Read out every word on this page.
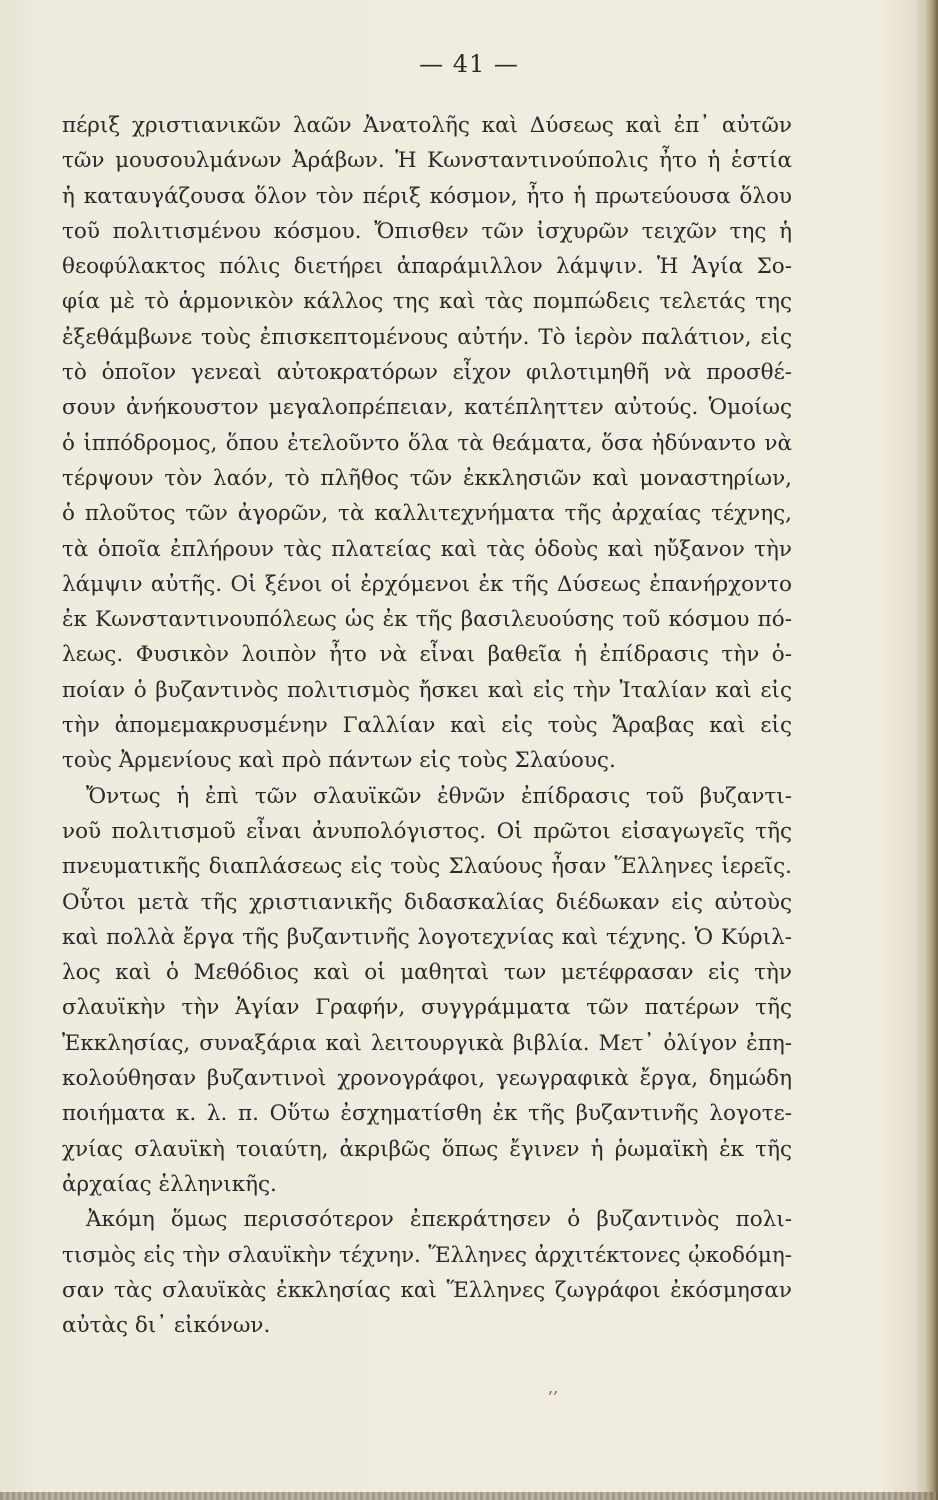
— 41 —
πέριξ χριστιανικῶν λαῶν Ἀνατολῆς καὶ Δύσεως καὶ ἐπ᾿ αὐτῶν
τῶν μουσουλμάνων Ἀράβων. Ἡ Κωνσταντινούπολις ἦτο ἡ ἑστία
ἡ καταυγάζουσα ὅλον τὸν πέριξ κόσμον, ἦτο ἡ πρωτεύουσα ὅλου
τοῦ πολιτισμένου κόσμου. Ὄπισθεν τῶν ἰσχυρῶν τειχῶν της ἡ
θεοφύλακτος πόλις διετήρει ἀπαράμιλλον λάμψιν. Ἡ Ἁγία Σο-
φία μὲ τὸ ἁρμονικὸν κάλλος της καὶ τὰς πομπώδεις τελετάς της
ἐξεθάμβωνε τοὺς ἐπισκεπτομένους αὐτήν. Τὸ ἱερὸν παλάτιον, εἰς
τὸ ὁποῖον γενεαὶ αὐτοκρατόρων εἶχον φιλοτιμηθῆ νὰ προσθέ-
σουν ἀνήκουστον μεγαλοπρέπειαν, κατέπληττεν αὐτούς. Ὁμοίως
ὁ ἱππόδρομος, ὅπου ἐτελοῦντο ὅλα τὰ θεάματα, ὅσα ἠδύναντο νὰ
τέρψουν τὸν λαόν, τὸ πλῆθος τῶν ἐκκλησιῶν καὶ μοναστηρίων,
ὁ πλοῦτος τῶν ἀγορῶν, τὰ καλλιτεχνήματα τῆς ἀρχαίας τέχνης,
τὰ ὁποῖα ἐπλήρουν τὰς πλατείας καὶ τὰς ὁδοὺς καὶ ηὔξανον τὴν
λάμψιν αὐτῆς. Οἱ ξένοι οἱ ἐρχόμενοι ἐκ τῆς Δύσεως ἐπανήρχοντο
ἐκ Κωνσταντινουπόλεως ὡς ἐκ τῆς βασιλευούσης τοῦ κόσμου πό-
λεως. Φυσικὸν λοιπὸν ἦτο νὰ εἶναι βαθεῖα ἡ ἐπίδρασις τὴν ὁ-
ποίαν ὁ βυζαντινὸς πολιτισμὸς ἤσκει καὶ εἰς τὴν Ἰταλίαν καὶ εἰς
τὴν ἀπομεμακρυσμένην Γαλλίαν καὶ εἰς τοὺς Ἄραβας καὶ εἰς
τοὺς Ἀρμενίους καὶ πρὸ πάντων εἰς τοὺς Σλαύους.
Ὄντως ἡ ἐπὶ τῶν σλαυϊκῶν ἐθνῶν ἐπίδρασις τοῦ βυζαντι-
νοῦ πολιτισμοῦ εἶναι ἀνυπολόγιστος. Οἱ πρῶτοι εἰσαγωγεῖς τῆς
πνευματικῆς διαπλάσεως εἰς τοὺς Σλαύους ἦσαν Ἕλληνες ἱερεῖς.
Οὗτοι μετὰ τῆς χριστιανικῆς διδασκαλίας διέδωκαν εἰς αὐτοὺς
καὶ πολλὰ ἔργα τῆς βυζαντινῆς λογοτεχνίας καὶ τέχνης. Ὁ Κύριλ-
λος καὶ ὁ Μεθόδιος καὶ οἱ μαθηταὶ των μετέφρασαν εἰς τὴν
σλαυϊκὴν τὴν Ἁγίαν Γραφήν, συγγράμματα τῶν πατέρων τῆς
Ἐκκλησίας, συναξάρια καὶ λειτουργικὰ βιβλία. Μετ᾿ ὀλίγον ἐπη-
κολούθησαν βυζαντινοὶ χρονογράφοι, γεωγραφικὰ ἔργα, δημώδη
ποιήματα κ. λ. π. Οὕτω ἐσχηματίσθη ἐκ τῆς βυζαντινῆς λογοτε-
χνίας σλαυϊκὴ τοιαύτη, ἀκριβῶς ὅπως ἔγινεν ἡ ῥωμαϊκὴ ἐκ τῆς
ἀρχαίας ἑλληνικῆς.
Ἀκόμη ὅμως περισσότερον ἐπεκράτησεν ὁ βυζαντινὸς πολι-
τισμὸς εἰς τὴν σλαυϊκὴν τέχνην. Ἕλληνες ἀρχιτέκτονες ᾠκοδόμη-
σαν τὰς σλαυϊκὰς ἐκκλησίας καὶ Ἕλληνες ζωγράφοι ἐκόσμησαν
αὐτὰς δι᾿ εἰκόνων.
‚‚
